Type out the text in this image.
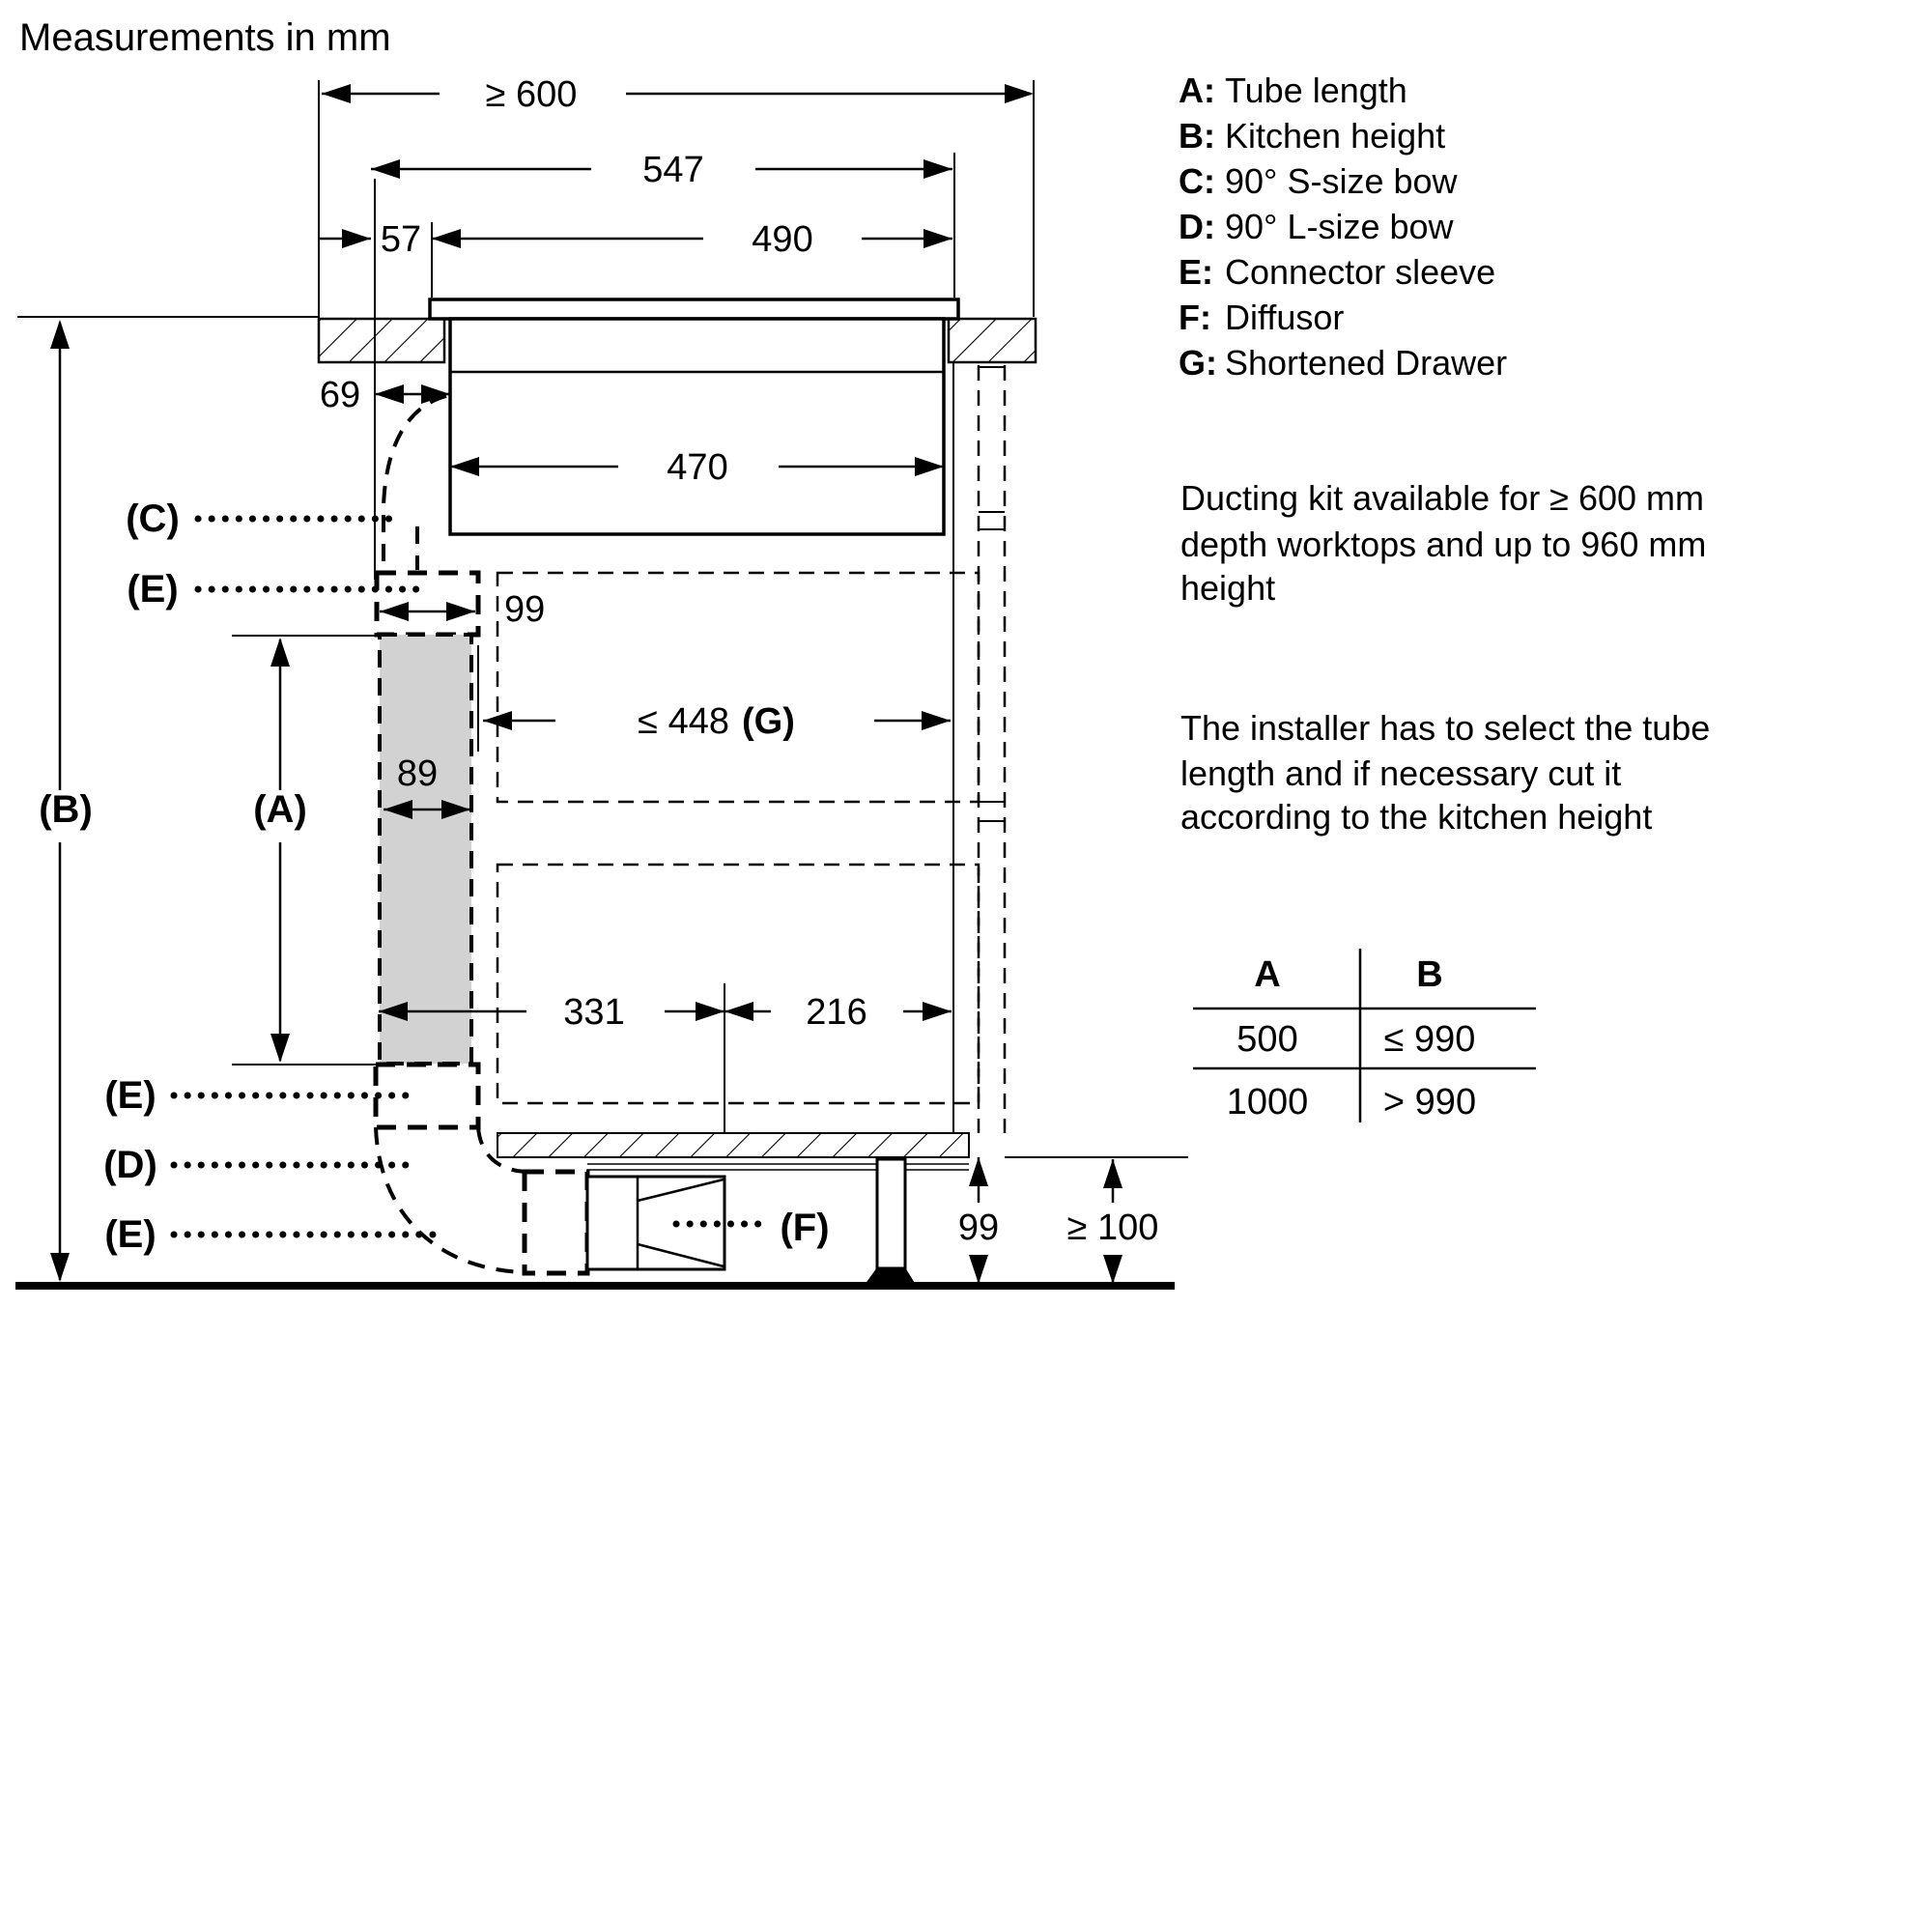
Measurements in mm
≥ 600
547
57	490
69
470
99
89
≤ 448 (G)
(B)	(A)
(C)
(E)
(E)
(D)
(E)
331	216
(F)	99 ≥ 100
A: Tube length
B: Kitchen height
C: 90° S-size bow
D: 90° L-size bow
E: Connector sleeve
F: Diffusor
G: Shortened Drawer
Ducting kit available for ≥ 600 mm
depth worktops and up to 960 mm
height
The installer has to select the tube
length and if necessary cut it
according to the kitchen height
A	B
500 ≤ 990
1000 > 990
